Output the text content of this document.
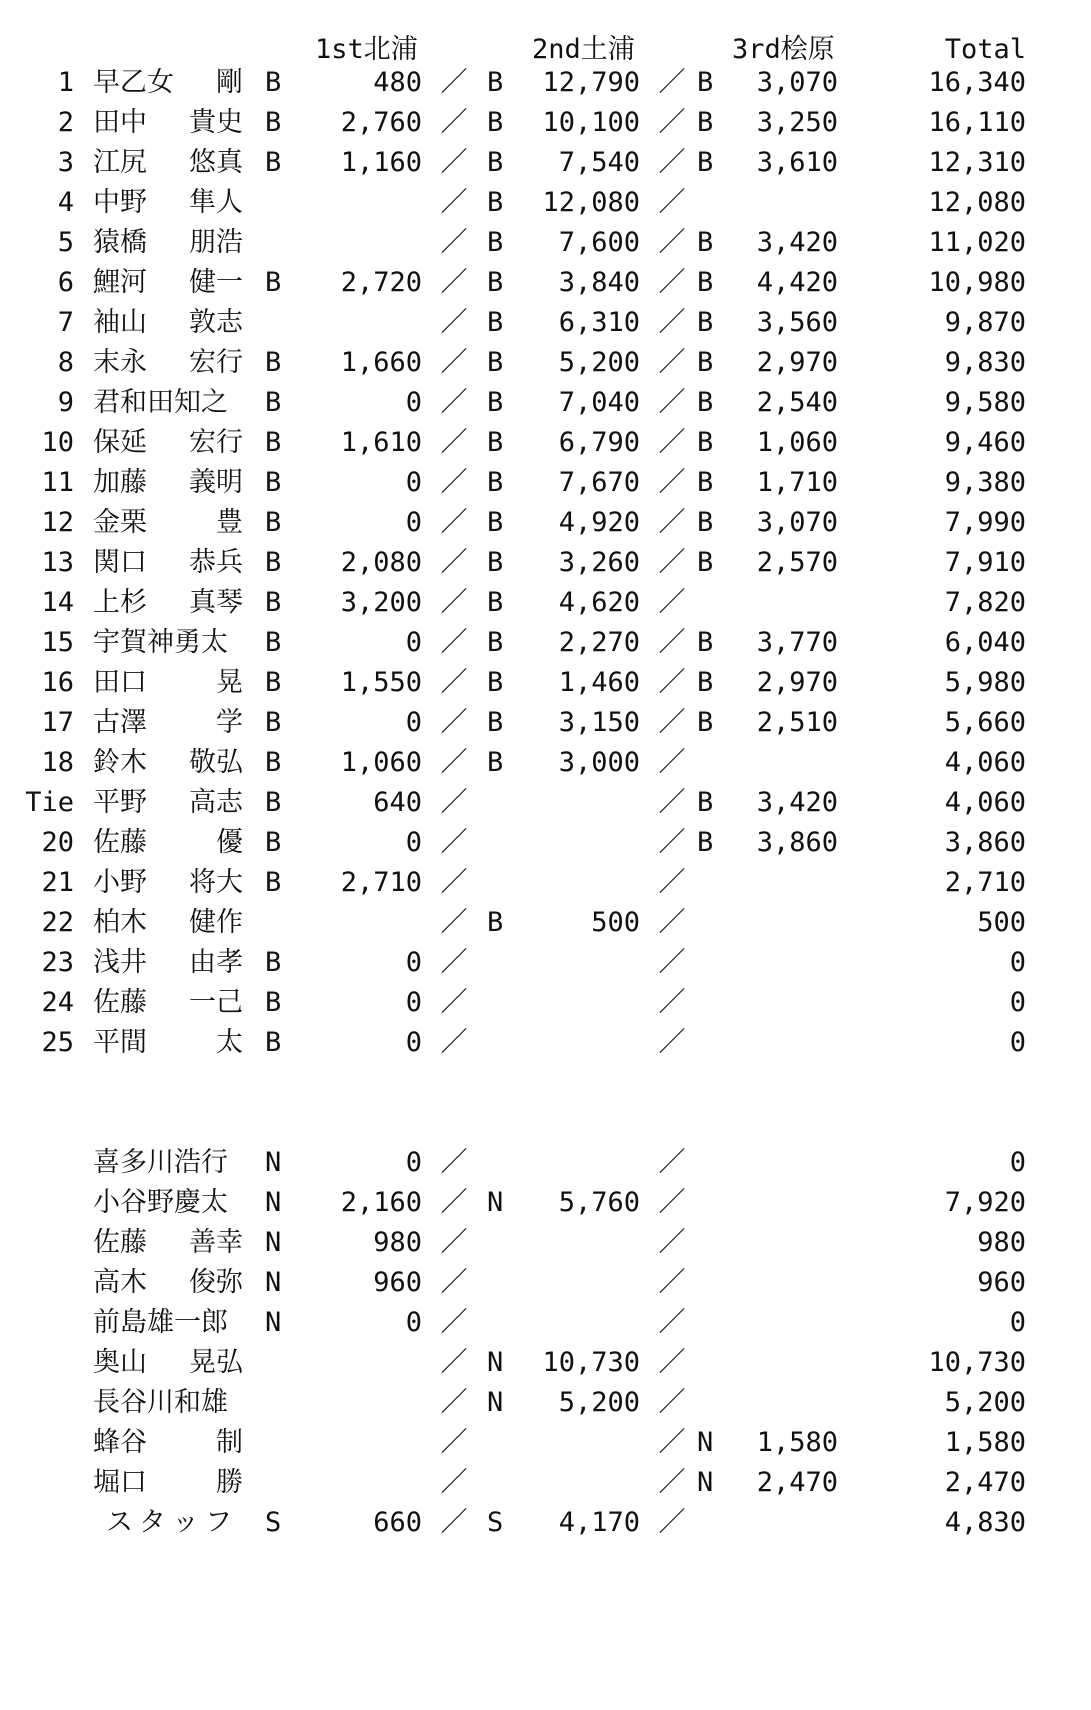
1st北浦	2nd土浦	3rd桧原	Total
1 早乙女 剛 B	480 ／ B	12,790 ／ B	3,070	16,340
2 田中 貴史 B	2,760 ／ B	10,100 ／ B	3,250	16,110
3 江尻 悠真 B	1,160 ／ B	7,540 ／ B	3,610	12,310
4 中野 隼人	／ B	12,080 ／	12,080
5 猿橋 朋浩	／ B	7,600 ／ B	3,420	11,020
6 鯉河 健一 B	2,720 ／ B	3,840 ／ B	4,420	10,980
7 袖山 敦志	／ B	6,310 ／ B	3,560	9,870
8 末永 宏行 B	1,660 ／ B	5,200 ／ B	2,970	9,830
9 君和田知之 B	0 ／ B	7,040 ／ B	2,540	9,580
10 保延 宏行 B	1,610 ／ B	6,790 ／ B	1,060	9,460
11 加藤 義明 B	0 ／ B	7,670 ／ B	1,710	9,380
12 金栗	豊 B	0 ／ B	4,920 ／ B	3,070	7,990
13 関口 恭兵 B	2,080 ／ B	3,260 ／ B	2,570	7,910
14 上杉 真琴 B	3,200 ／ B	4,620 ／	7,820
15 宇賀神勇太 B	0 ／ B	2,270 ／ B	3,770	6,040
16 田口	晃 B	1,550 ／ B	1,460 ／ B	2,970	5,980
17 古澤	学 B	0 ／ B	3,150 ／ B	2,510	5,660
18 鈴木 敬弘 B	1,060 ／ B	3,000 ／	4,060
Tie 平野 高志 B	640 ／	／ B	3,420	4,060
20 佐藤	優 B	0 ／	／ B	3,860	3,860
21 小野 将大 B	2,710 ／	／	2,710
22 柏木 健作	／ B	500 ／	500
23 浅井 由孝 B	0 ／	／	0
24 佐藤 一己 B	0 ／	／	0
25 平間	太 B	0 ／	／	0
喜多川浩行 N	0 ／	／	0
小谷野慶太 N	2,160 ／ N	5,760 ／	7,920
佐藤 善幸 N	980 ／	／	980
高木 俊弥 N	960 ／	／	960
前島雄一郎 N	0 ／	／	0
奥山 晃弘	／ N	10,730 ／	10,730
長谷川和雄	／ N	5,200 ／	5,200
蜂谷	制	／	／ N	1,580	1,580
堀口	勝	／	／ N	2,470	2,470
スタッフ S	660 ／ S	4,170 ／	4,830
